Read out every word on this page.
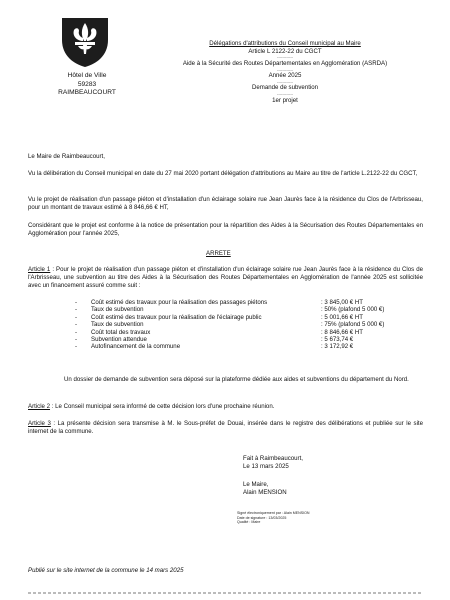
Hôtel de Ville
59283 RAIMBEAUCOURT
Délégations d'attributions du Conseil municipal au Maire
Article L 2122-22 du CGCT
------------
Aide à la Sécurité des Routes Départementales en Agglomération (ASRDA)
------------
Année 2025
------------
Demande de subvention
------------
1er projet
Le Maire de Raimbeaucourt,
Vu la délibération du Conseil municipal en date du 27 mai 2020 portant délégation d'attributions au Maire au titre de l'article L.2122-22 du CGCT,
Vu le projet de réalisation d'un passage piéton et d'installation d'un éclairage solaire rue Jean Jaurès face à la résidence du Clos de l'Arbrisseau, pour un montant de travaux estimé à 8 846,66 € HT,
Considérant que le projet est conforme à la notice de présentation pour la répartition des Aides à la Sécurisation des Routes Départementales en Agglomération pour l'année 2025,
ARRETE
Article 1 : Pour le projet de réalisation d'un passage piéton et d'installation d'un éclairage solaire rue Jean Jaurès face à la résidence du Clos de l'Arbrisseau, une subvention au titre des Aides à la Sécurisation des Routes Départementales en Agglomération de l'année 2025 est sollicitée avec un financement assuré comme suit :
-	Coût estimé des travaux pour la réalisation des passages piétons	: 3 845,00 € HT
-	Taux de subvention	: 50% (plafond 5 000 €)
-	Coût estimé des travaux pour la réalisation de l'éclairage public	: 5 001,66 € HT
-	Taux de subvention	: 75% (plafond 5 000 €)
-	Coût total des travaux	: 8 846,66 € HT
-	Subvention attendue	: 5 673,74 €
-	Autofinancement de la commune	: 3 172,92 €
Un dossier de demande de subvention sera déposé sur la plateforme dédiée aux aides et subventions du département du Nord.
Article 2 : Le Conseil municipal sera informé de cette décision lors d'une prochaine réunion.
Article 3 : La présente décision sera transmise à M. le Sous-préfet de Douai, insérée dans le registre des délibérations et publiée sur le site internet de la commune.
Fait à Raimbeaucourt,
Le 13 mars 2025
Le Maire,
Alain MENSION
Signé électroniquement par : Alain MENSION
Date de signature : 13/03/2025
Qualité : Maire
Publié sur le site internet de la commune le 14 mars 2025
